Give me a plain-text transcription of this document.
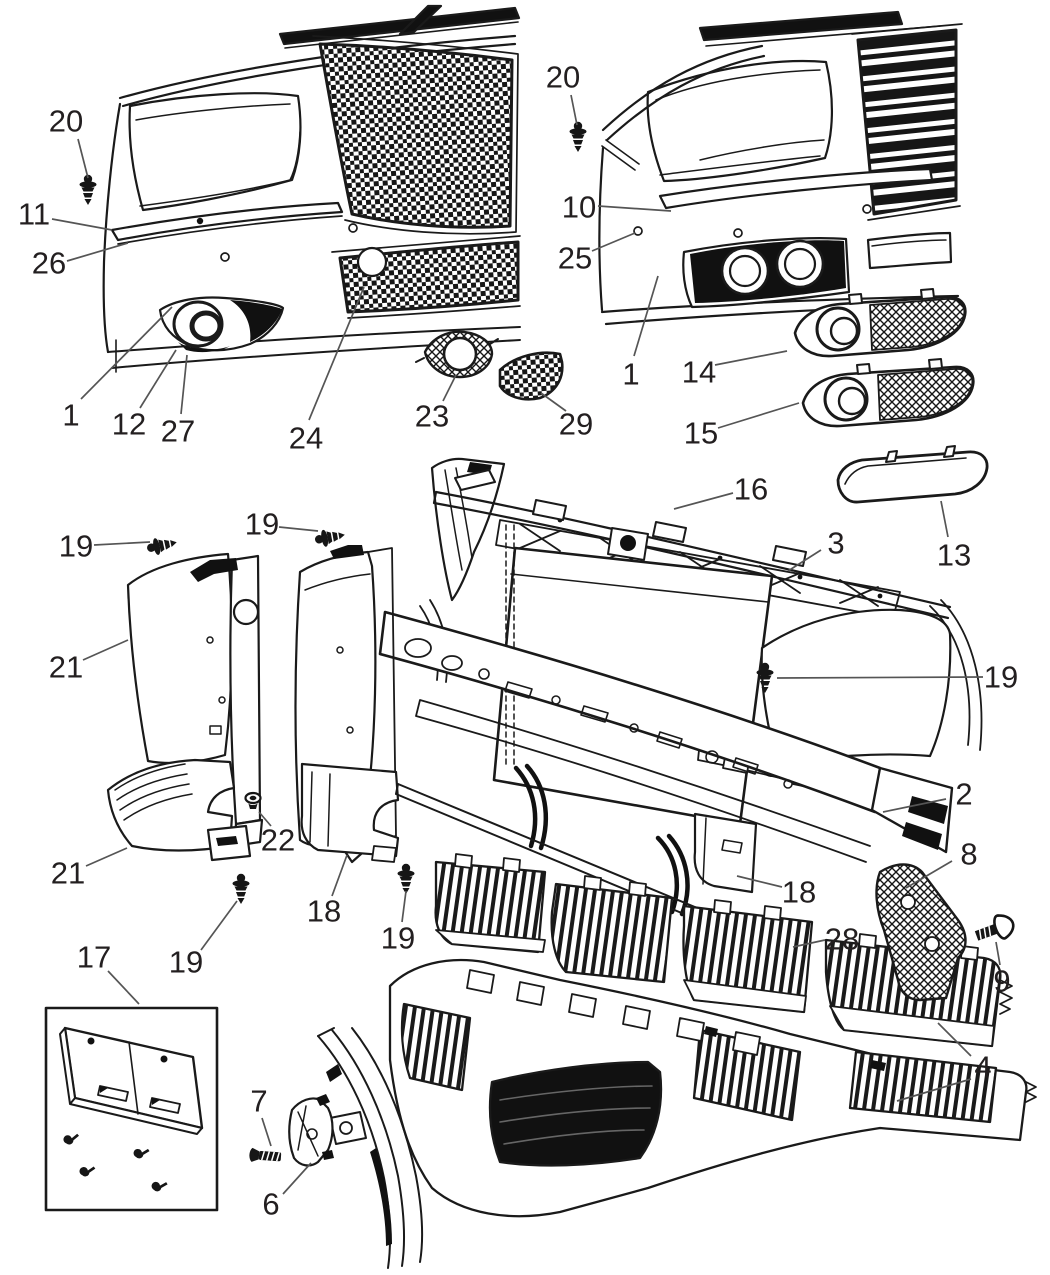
20
11
26
1 12 27	24
23	29
20
10
25
1 14
15
13
16
3
19
19
19
21
22
21
18
19
19
17
2
8
18
28
9
4
7
6
